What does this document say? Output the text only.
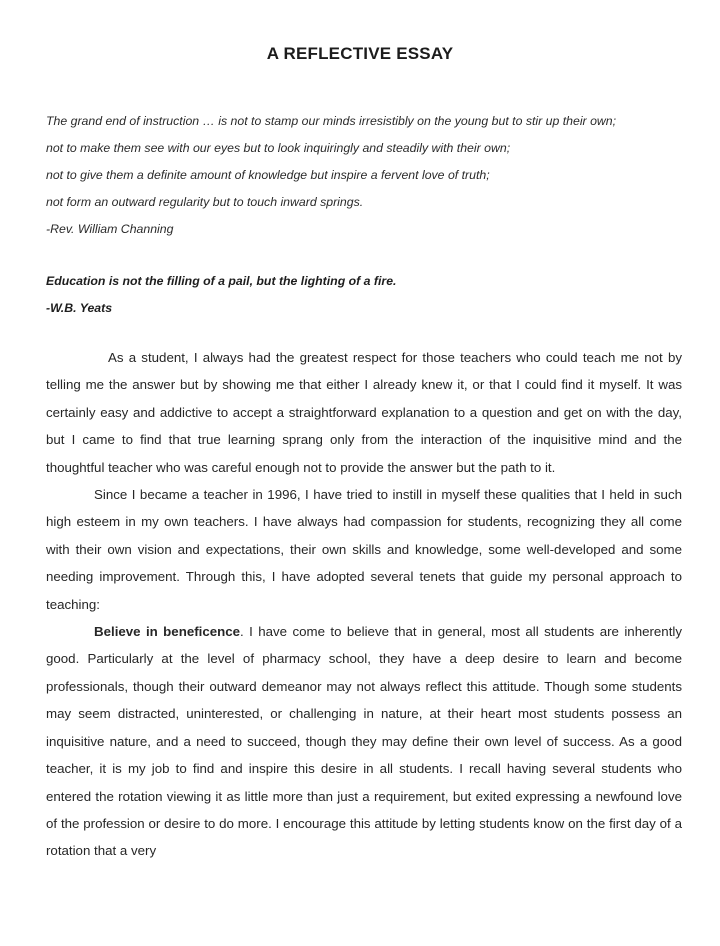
A REFLECTIVE ESSAY
The grand end of instruction … is not to stamp our minds irresistibly on the young but to stir up their own;
not to make them see with our eyes but to look inquiringly and steadily with their own;
not to give them a definite amount of knowledge but inspire a fervent love of truth;
not form an outward regularity but to touch inward springs.
-Rev. William Channing
Education is not the filling of a pail, but the lighting of a fire.
-W.B. Yeats

As a student, I always had the greatest respect for those teachers who could teach me not by telling me the answer but by showing me that either I already knew it, or that I could find it myself. It was certainly easy and addictive to accept a straightforward explanation to a question and get on with the day, but I came to find that true learning sprang only from the interaction of the inquisitive mind and the thoughtful teacher who was careful enough not to provide the answer but the path to it.

Since I became a teacher in 1996, I have tried to instill in myself these qualities that I held in such high esteem in my own teachers. I have always had compassion for students, recognizing they all come with their own vision and expectations, their own skills and knowledge, some well-developed and some needing improvement. Through this, I have adopted several tenets that guide my personal approach to teaching:

Believe in beneficence. I have come to believe that in general, most all students are inherently good. Particularly at the level of pharmacy school, they have a deep desire to learn and become professionals, though their outward demeanor may not always reflect this attitude. Though some students may seem distracted, uninterested, or challenging in nature, at their heart most students possess an inquisitive nature, and a need to succeed, though they may define their own level of success. As a good teacher, it is my job to find and inspire this desire in all students. I recall having several students who entered the rotation viewing it as little more than just a requirement, but exited expressing a newfound love of the profession or desire to do more. I encourage this attitude by letting students know on the first day of a rotation that a very
